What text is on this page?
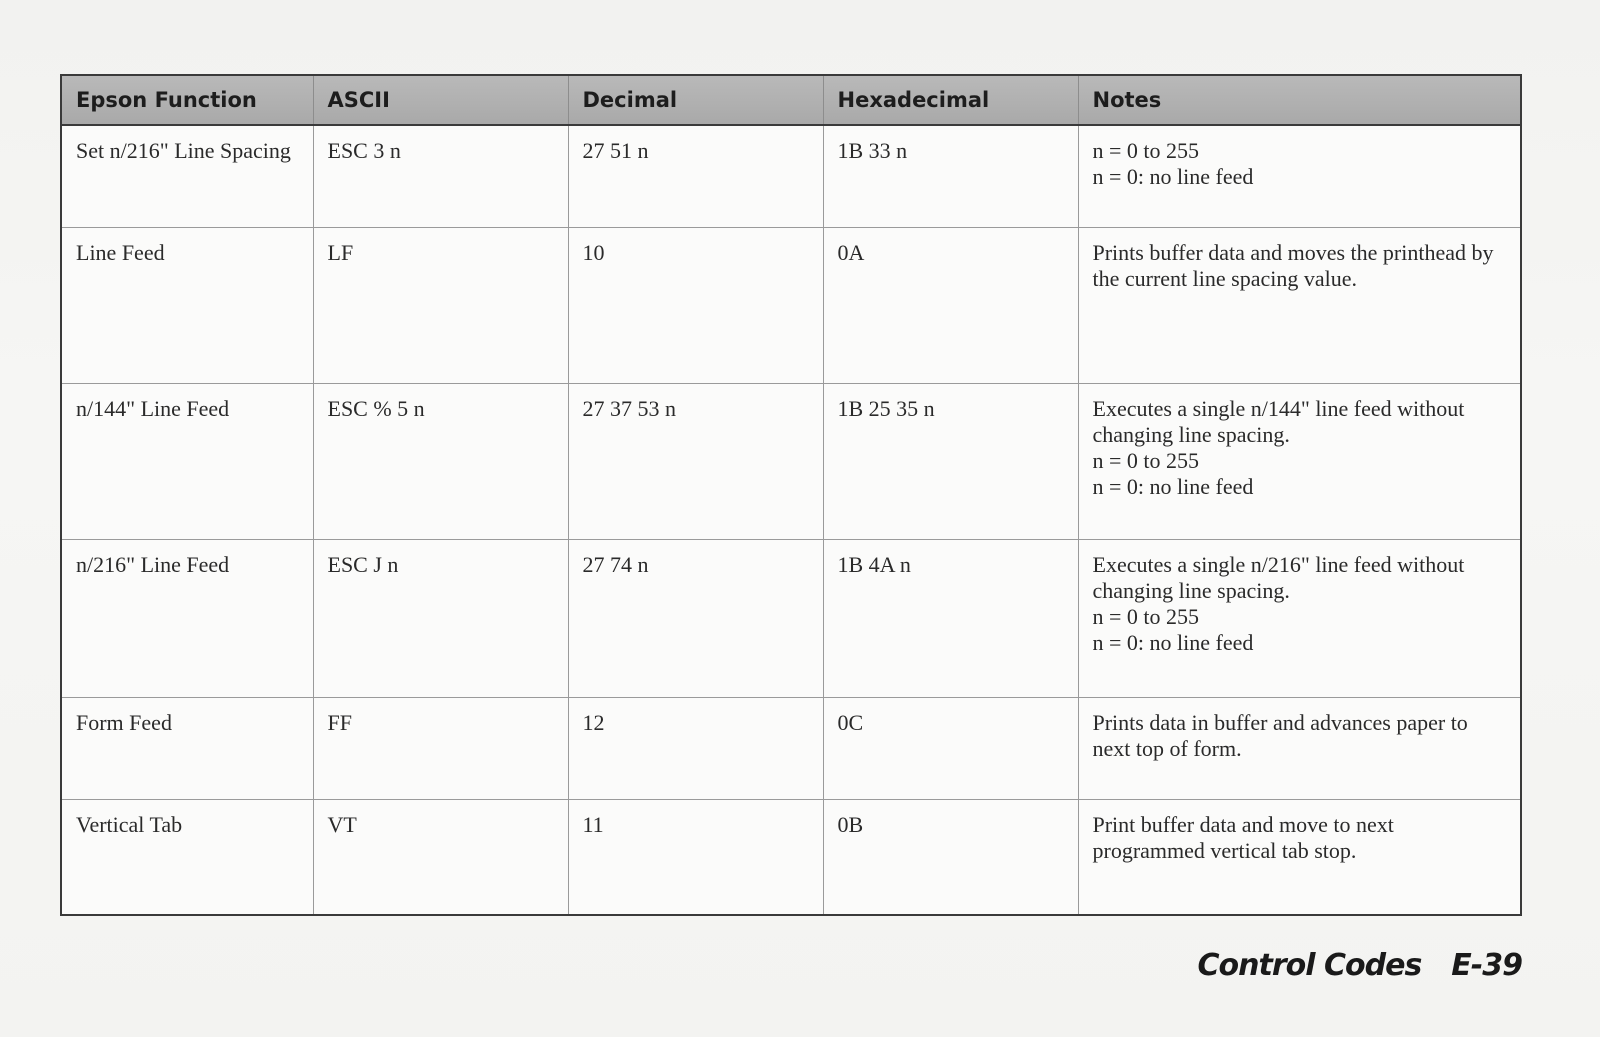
Epson Function	ASCII	Decimal	Hexadecimal	Notes
Set n/216" Line Spacing	ESC 3 n	27 51 n	1B 33 n	n = 0 to 255
n = 0: no line feed

Line Feed	LF	10	0A	Prints buffer data and moves the printhead by the current line spacing value.

n/144" Line Feed	ESC % 5 n	27 37 53 n	1B 25 35 n	Executes a single n/144" line feed without changing line spacing.
n = 0 to 255
n = 0: no line feed

n/216" Line Feed	ESC J n	27 74 n	1B 4A n	Executes a single n/216" line feed without changing line spacing.
n = 0 to 255
n = 0: no line feed

Form Feed	FF	12	0C	Prints data in buffer and advances paper to next top of form.

Vertical Tab	VT	11	0B	Print buffer data and move to next programmed vertical tab stop.
Control Codes E-39
